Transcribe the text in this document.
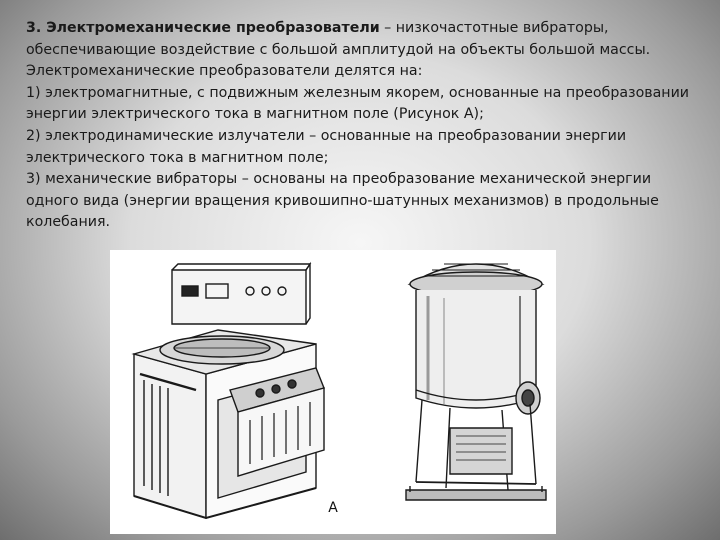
3. Электромеханические преобразователи – низкочастотные вибраторы, обеспечивающие воздействие с большой амплитудой на объекты большой массы.

Электромеханические преобразователи делятся на:

1) электромагнитные, с подвижным железным якорем, основанные на преобразовании энергии электрического тока в магнитном поле (Рисунок А);

2) электродинамические излучатели – основанные на преобразовании энергии электрического тока в магнитном поле;

3) механические вибраторы – основаны на преобразование механической энергии одного вида (энергии вращения кривошипно-шатунных механизмов) в продольные колебания.

А
